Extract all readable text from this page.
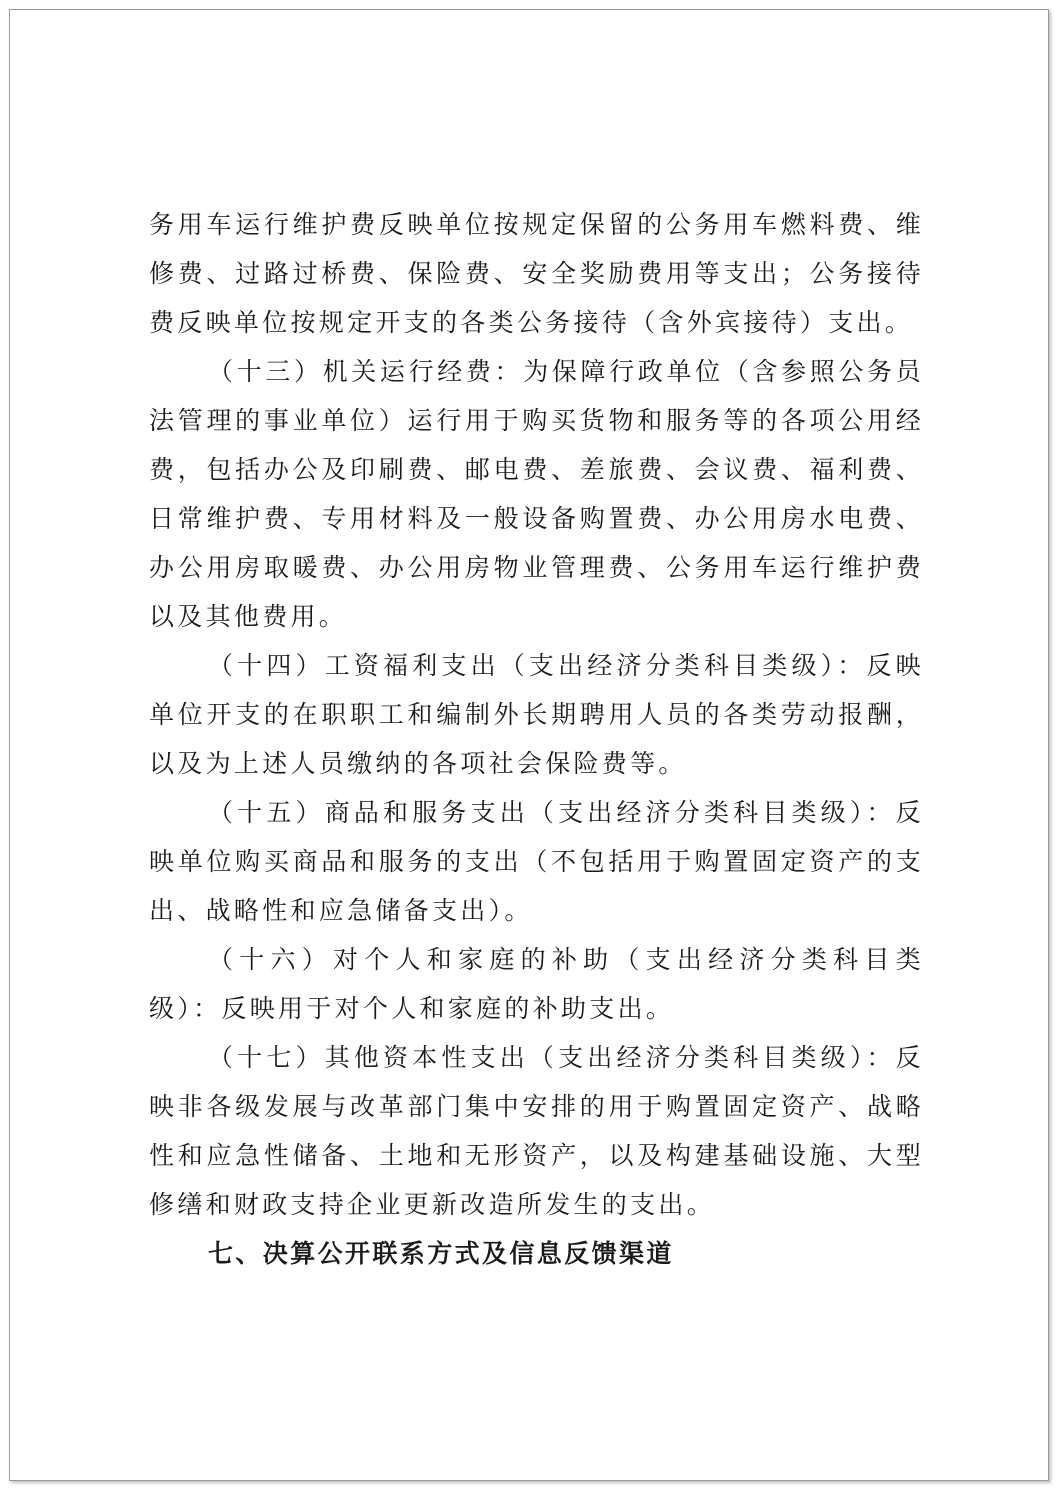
务用车运行维护费反映单位按规定保留的公务用车燃料费、维修费、过路过桥费、保险费、安全奖励费用等支出；公务接待费反映单位按规定开支的各类公务接待（含外宾接待）支出。

（十三）机关运行经费：为保障行政单位（含参照公务员法管理的事业单位）运行用于购买货物和服务等的各项公用经费，包括办公及印刷费、邮电费、差旅费、会议费、福利费、日常维护费、专用材料及一般设备购置费、办公用房水电费、办公用房取暖费、办公用房物业管理费、公务用车运行维护费以及其他费用。

（十四）工资福利支出（支出经济分类科目类级）：反映单位开支的在职职工和编制外长期聘用人员的各类劳动报酬，以及为上述人员缴纳的各项社会保险费等。

（十五）商品和服务支出（支出经济分类科目类级）：反映单位购买商品和服务的支出（不包括用于购置固定资产的支出、战略性和应急储备支出）。

（十六）对个人和家庭的补助（支出经济分类科目类级）：反映用于对个人和家庭的补助支出。

（十七）其他资本性支出（支出经济分类科目类级）：反映非各级发展与改革部门集中安排的用于购置固定资产、战略性和应急性储备、土地和无形资产，以及构建基础设施、大型修缮和财政支持企业更新改造所发生的支出。

七、决算公开联系方式及信息反馈渠道
